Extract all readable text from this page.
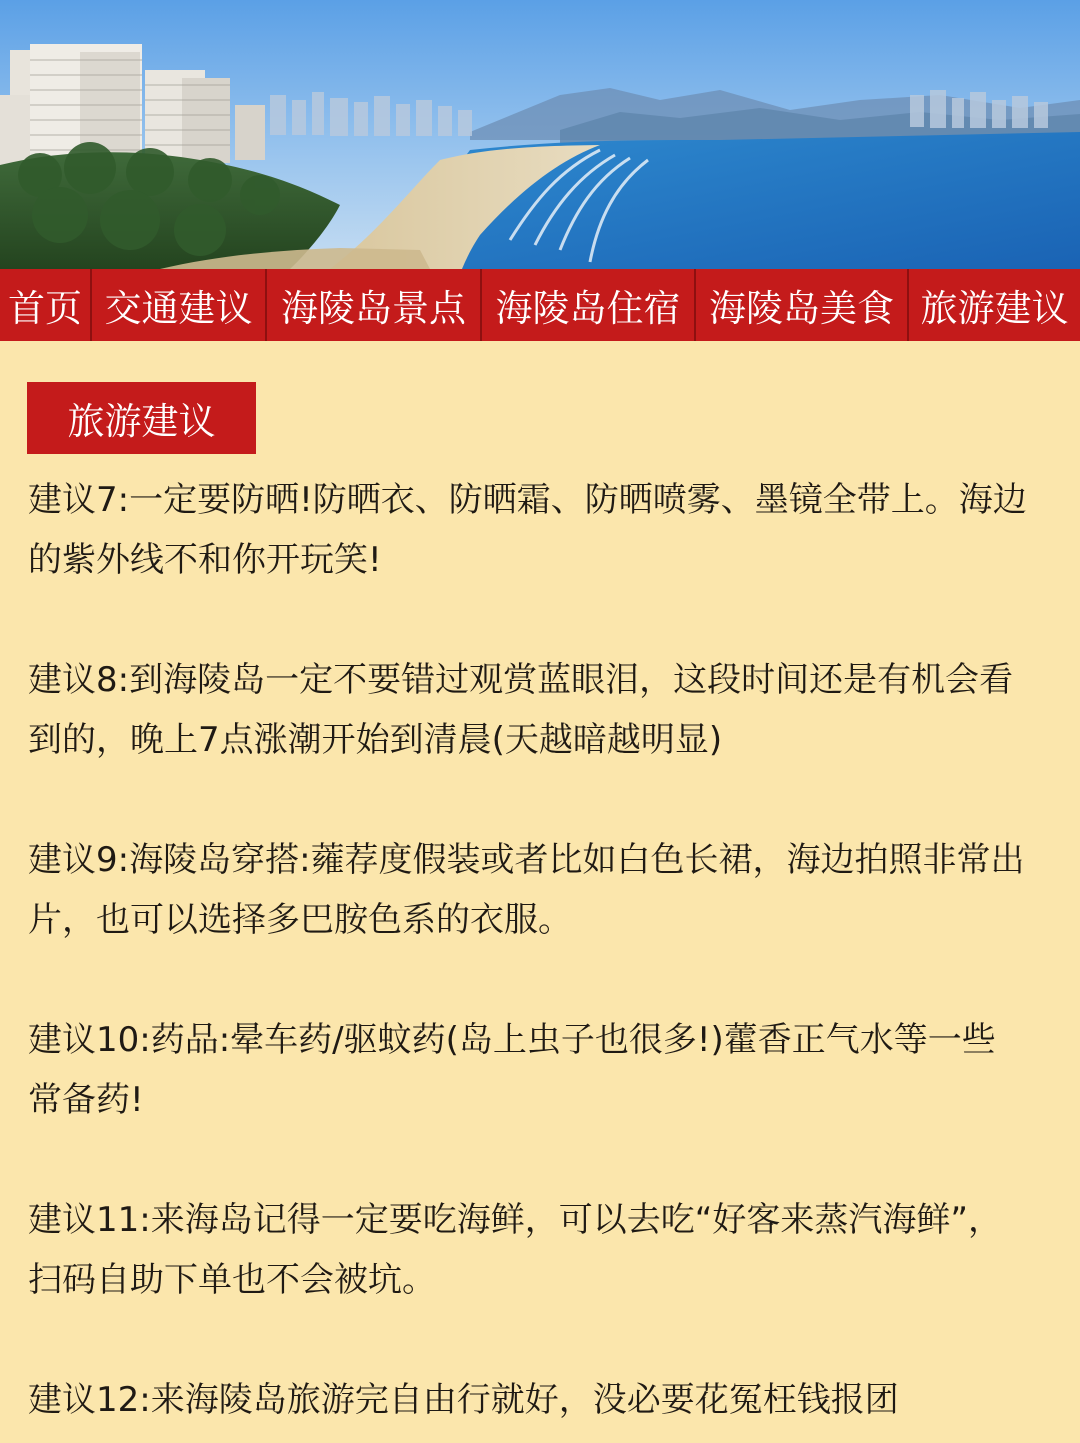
首页 交通建议 海陵岛景点 海陵岛住宿 海陵岛美食 旅游建议
旅游建议
建议7:一定要防晒!防晒衣、防晒霜、防晒喷雾、墨镜全带上。海边的紫外线不和你开玩笑!
建议8:到海陵岛一定不要错过观赏蓝眼泪，这段时间还是有机会看到的，晚上7点涨潮开始到清晨(天越暗越明显)
建议9:海陵岛穿搭:蕹荐度假装或者比如白色长裙，海边拍照非常出片，也可以选择多巴胺色系的衣服。
建议10:药品:晕车药/驱蚊药(岛上虫子也很多!)藿香正气水等一些常备药!
建议11:来海岛记得一定要吃海鲜，可以去吃“好客来蒸汽海鲜”，扫码自助下单也不会被坑。
建议12:来海陵岛旅游完自由行就好，没必要花冤枉钱报团
